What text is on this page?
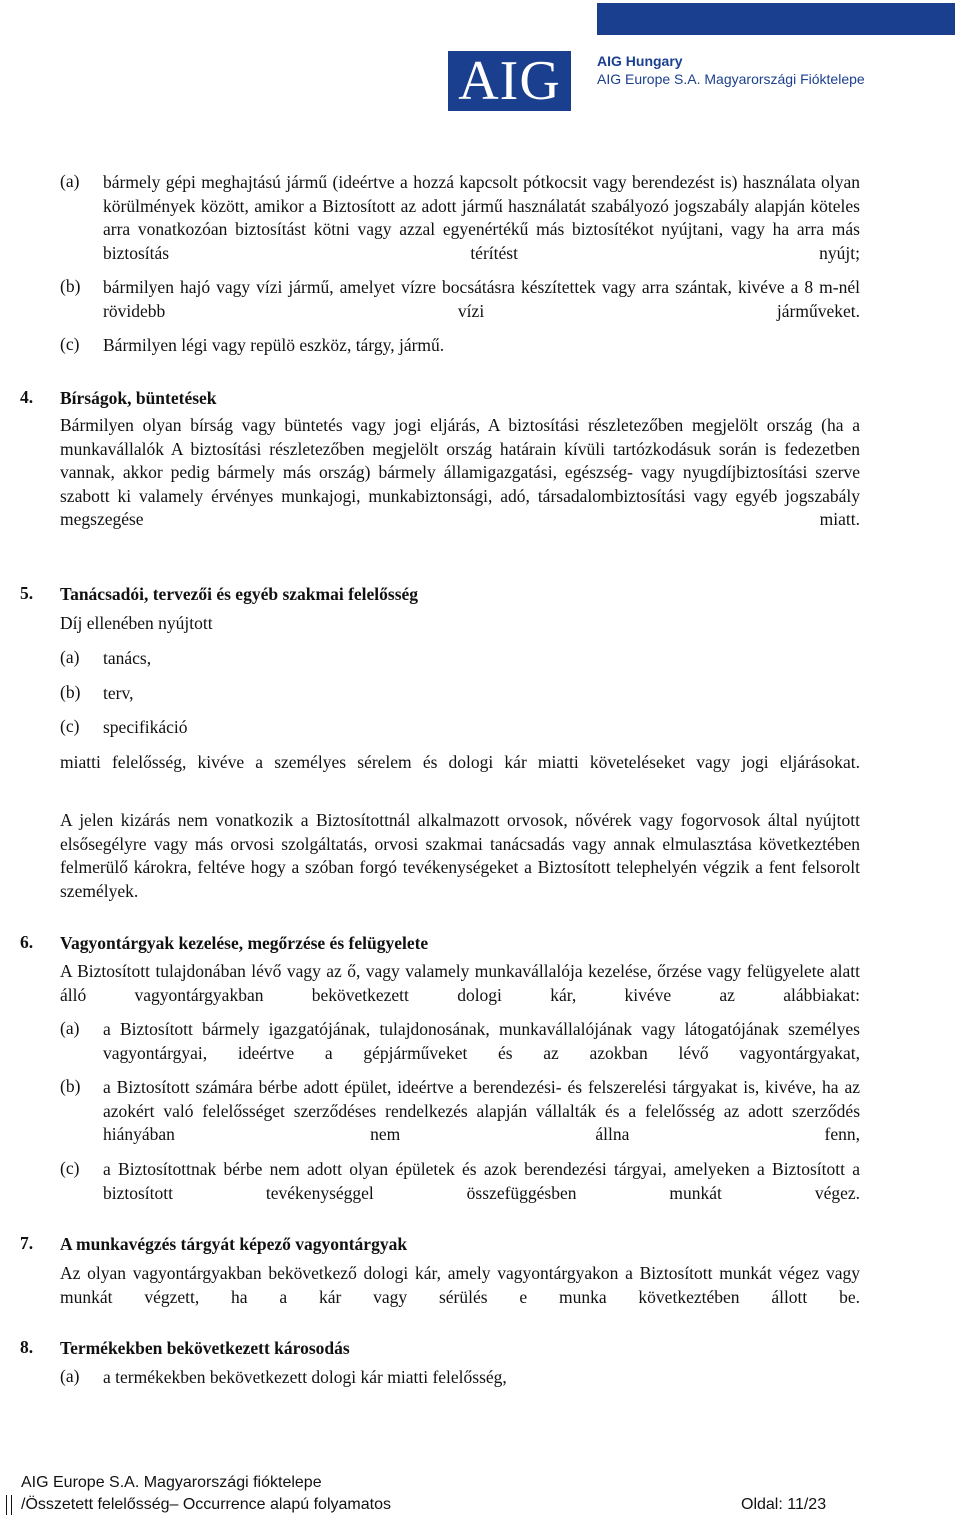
AIG	AIG Hungary
AIG Europe S.A. Magyarországi Fióktelepe
(a) bármely gépi meghajtású jármű (ideértve a hozzá kapcsolt pótkocsit vagy berendezést is) használata olyan körülmények között, amikor a Biztosított az adott jármű használatát szabályozó jogszabály alapján köteles arra vonatkozóan biztosítást kötni vagy azzal egyenértékű más biztosítékot nyújtani, vagy ha arra más biztosítás térítést nyújt;
(b) bármilyen hajó vagy vízi jármű, amelyet vízre bocsátásra készítettek vagy arra szántak, kivéve a 8 m-nél rövidebb vízi járműveket.
(c) Bármilyen légi vagy repülö eszköz, tárgy, jármű.
4. Bírságok, büntetések
Bármilyen olyan bírság vagy büntetés vagy jogi eljárás, A biztosítási részletezőben megjelölt ország (ha a munkavállalók A biztosítási részletezőben megjelölt ország határain kívüli tartózkodásuk során is fedezetben vannak, akkor pedig bármely más ország) bármely államigazgatási, egészség- vagy nyugdíjbiztosítási szerve szabott ki valamely érvényes munkajogi, munkabiztonsági, adó, társadalombiztosítási vagy egyéb jogszabály megszegése miatt.
5. Tanácsadói, tervezői és egyéb szakmai felelősség
Díj ellenében nyújtott
(a) tanács,
(b) terv,
(c) specifikáció
miatti felelősség, kivéve a személyes sérelem és dologi kár miatti követeléseket vagy jogi eljárásokat.
A jelen kizárás nem vonatkozik a Biztosítottnál alkalmazott orvosok, nővérek vagy fogorvosok által nyújtott elsősegélyre vagy más orvosi szolgáltatás, orvosi szakmai tanácsadás vagy annak elmulasztása következtében felmerülő károkra, feltéve hogy a szóban forgó tevékenységeket a Biztosított telephelyén végzik a fent felsorolt személyek.
6. Vagyontárgyak kezelése, megőrzése és felügyelete
A Biztosított tulajdonában lévő vagy az ő, vagy valamely munkavállalója kezelése, őrzése vagy felügyelete alatt álló vagyontárgyakban bekövetkezett dologi kár, kivéve az alábbiakat:
(a) a Biztosított bármely igazgatójának, tulajdonosának, munkavállalójának vagy látogatójának személyes vagyontárgyai, ideértve a gépjárműveket és az azokban lévő vagyontárgyakat,
(b) a Biztosított számára bérbe adott épület, ideértve a berendezési- és felszerelési tárgyakat is, kivéve, ha az azokért való felelősséget szerződéses rendelkezés alapján vállalták és a felelősség az adott szerződés hiányában nem állna fenn,
(c) a Biztosítottnak bérbe nem adott olyan épületek és azok berendezési tárgyai, amelyeken a Biztosított a biztosított tevékenységgel összefüggésben munkát végez.
7. A munkavégzés tárgyát képező vagyontárgyak
Az olyan vagyontárgyakban bekövetkező dologi kár, amely vagyontárgyakon a Biztosított munkát végez vagy munkát végzett, ha a kár vagy sérülés e munka következtében állott be.
8. Termékekben bekövetkezett károsodás
(a) a termékekben bekövetkezett dologi kár miatti felelősség,
AIG Europe S.A. Magyarországi fióktelepe
/Összetett felelősség– Occurrence alapú folyamatos	Oldal: 11/23
